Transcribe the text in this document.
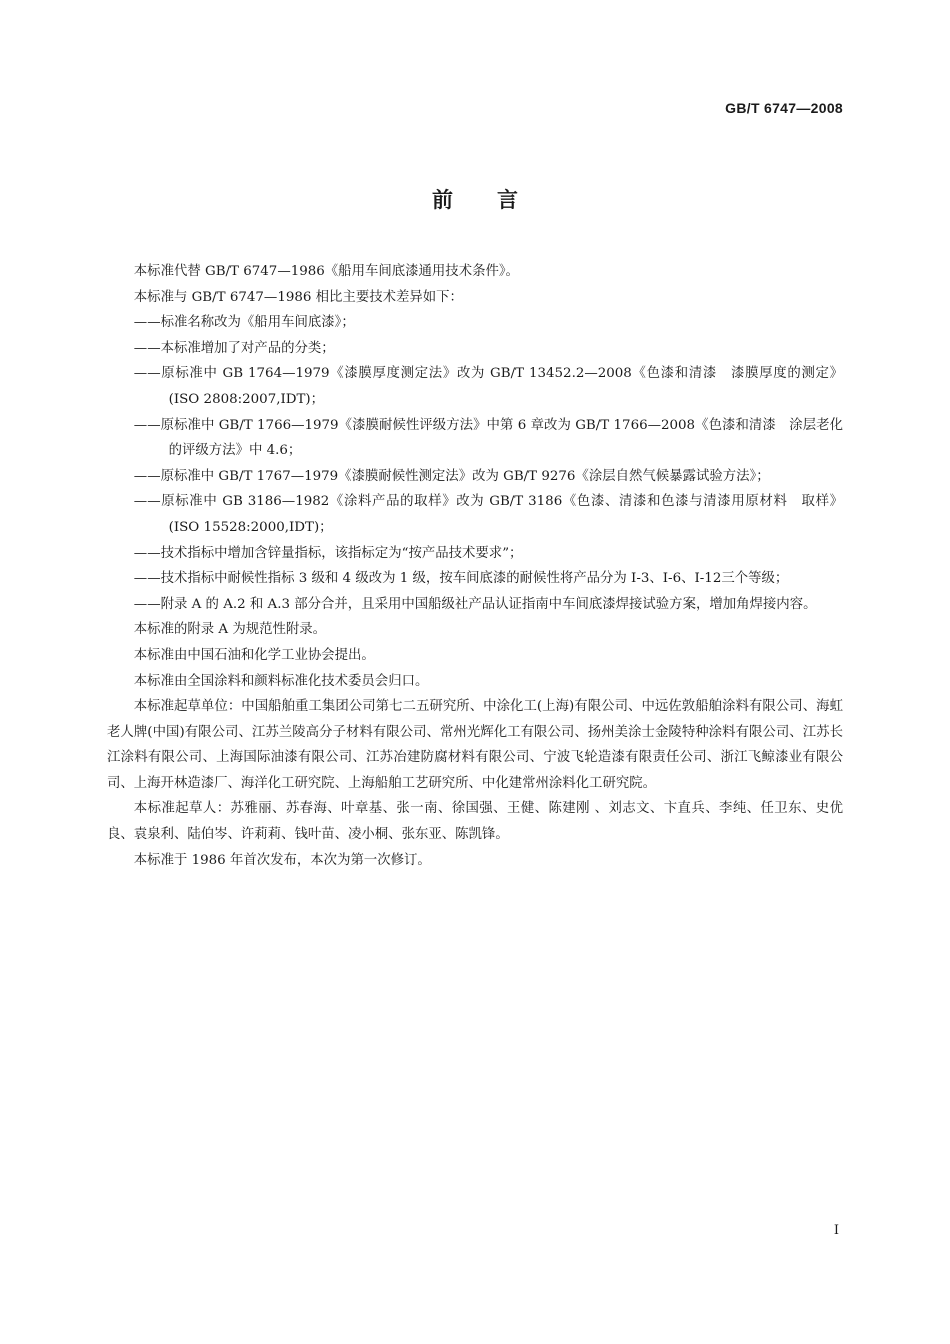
GB/T 6747—2008
前言

本标准代替 GB/T 6747—1986《船用车间底漆通用技术条件》。

本标准与 GB/T 6747—1986 相比主要技术差异如下：

——标准名称改为《船用车间底漆》；

——本标准增加了对产品的分类；

——原标准中 GB 1764—1979《漆膜厚度测定法》改为 GB/T 13452.2—2008《色漆和清漆　漆膜厚度的测定》(ISO 2808:2007,IDT)；

——原标准中 GB/T 1766—1979《漆膜耐候性评级方法》中第 6 章改为 GB/T 1766—2008《色漆和清漆　涂层老化的评级方法》中 4.6；

——原标准中 GB/T 1767—1979《漆膜耐候性测定法》改为 GB/T 9276《涂层自然气候暴露试验方法》；

——原标准中 GB 3186—1982《涂料产品的取样》改为 GB/T 3186《色漆、清漆和色漆与清漆用原材料　取样》(ISO 15528:2000,IDT)；

——技术指标中增加含锌量指标，该指标定为“按产品技术要求”；

——技术指标中耐候性指标 3 级和 4 级改为 1 级，按车间底漆的耐候性将产品分为 Ⅰ-3、Ⅰ-6、Ⅰ-12三个等级；

——附录 A 的 A.2 和 A.3 部分合并，且采用中国船级社产品认证指南中车间底漆焊接试验方案，增加角焊接内容。

本标准的附录 A 为规范性附录。

本标准由中国石油和化学工业协会提出。

本标准由全国涂料和颜料标准化技术委员会归口。

本标准起草单位：中国船舶重工集团公司第七二五研究所、中涂化工(上海)有限公司、中远佐敦船舶涂料有限公司、海虹老人牌(中国)有限公司、江苏兰陵高分子材料有限公司、常州光辉化工有限公司、扬州美涂士金陵特种涂料有限公司、江苏长江涂料有限公司、上海国际油漆有限公司、江苏冶建防腐材料有限公司、宁波飞轮造漆有限责任公司、浙江飞鲸漆业有限公司、上海开林造漆厂、海洋化工研究院、上海船舶工艺研究所、中化建常州涂料化工研究院。

本标准起草人：苏雅丽、苏春海、叶章基、张一南、徐国强、王健、陈建刚 、刘志文、卞直兵、李纯、任卫东、史优良、袁泉利、陆伯岑、许莉莉、钱叶苗、凌小桐、张东亚、陈凯锋。

本标准于 1986 年首次发布，本次为第一次修订。

I
